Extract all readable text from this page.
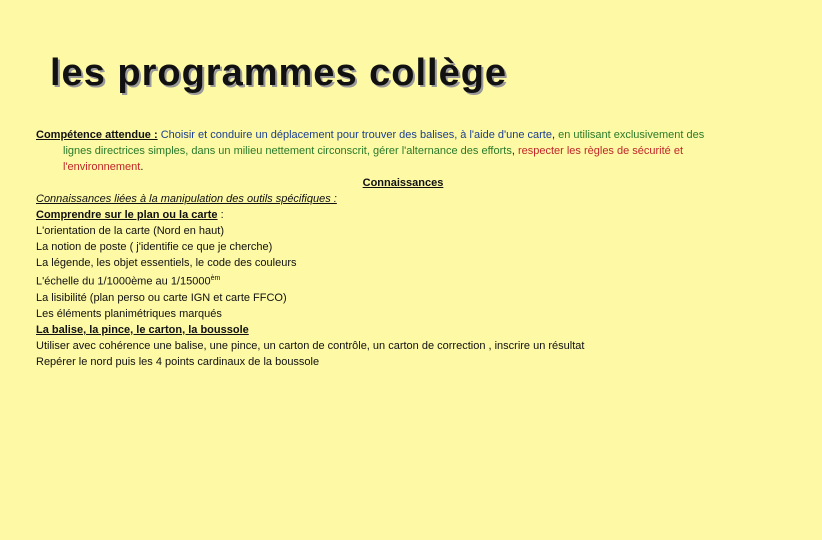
les programmes collège

Compétence attendue : Choisir et conduire un déplacement pour trouver des balises, à l'aide d'une carte, en utilisant exclusivement des

lignes directrices simples, dans un milieu nettement circonscrit, gérer l'alternance des efforts, respecter les règles de sécurité et

l'environnement.

Connaissances

Connaissances liées à la manipulation des outils spécifiques :

Comprendre sur le plan ou la carte :

L'orientation de la carte (Nord en haut)

La notion de poste ( j'identifie ce que je cherche)

La légende, les objet essentiels, le code des couleurs

L'échelle du 1/1000ème au $1/15000^{èm}$

La lisibilité (plan perso ou carte IGN et carte FFCO)

Les éléments planimétriques marqués

La balise, la pince, le carton, la boussole

Utiliser avec cohérence une balise, une pince, un carton de contrôle, un carton de correction , inscrire un résultat

Repérer le nord puis les 4 points cardinaux de la boussole
